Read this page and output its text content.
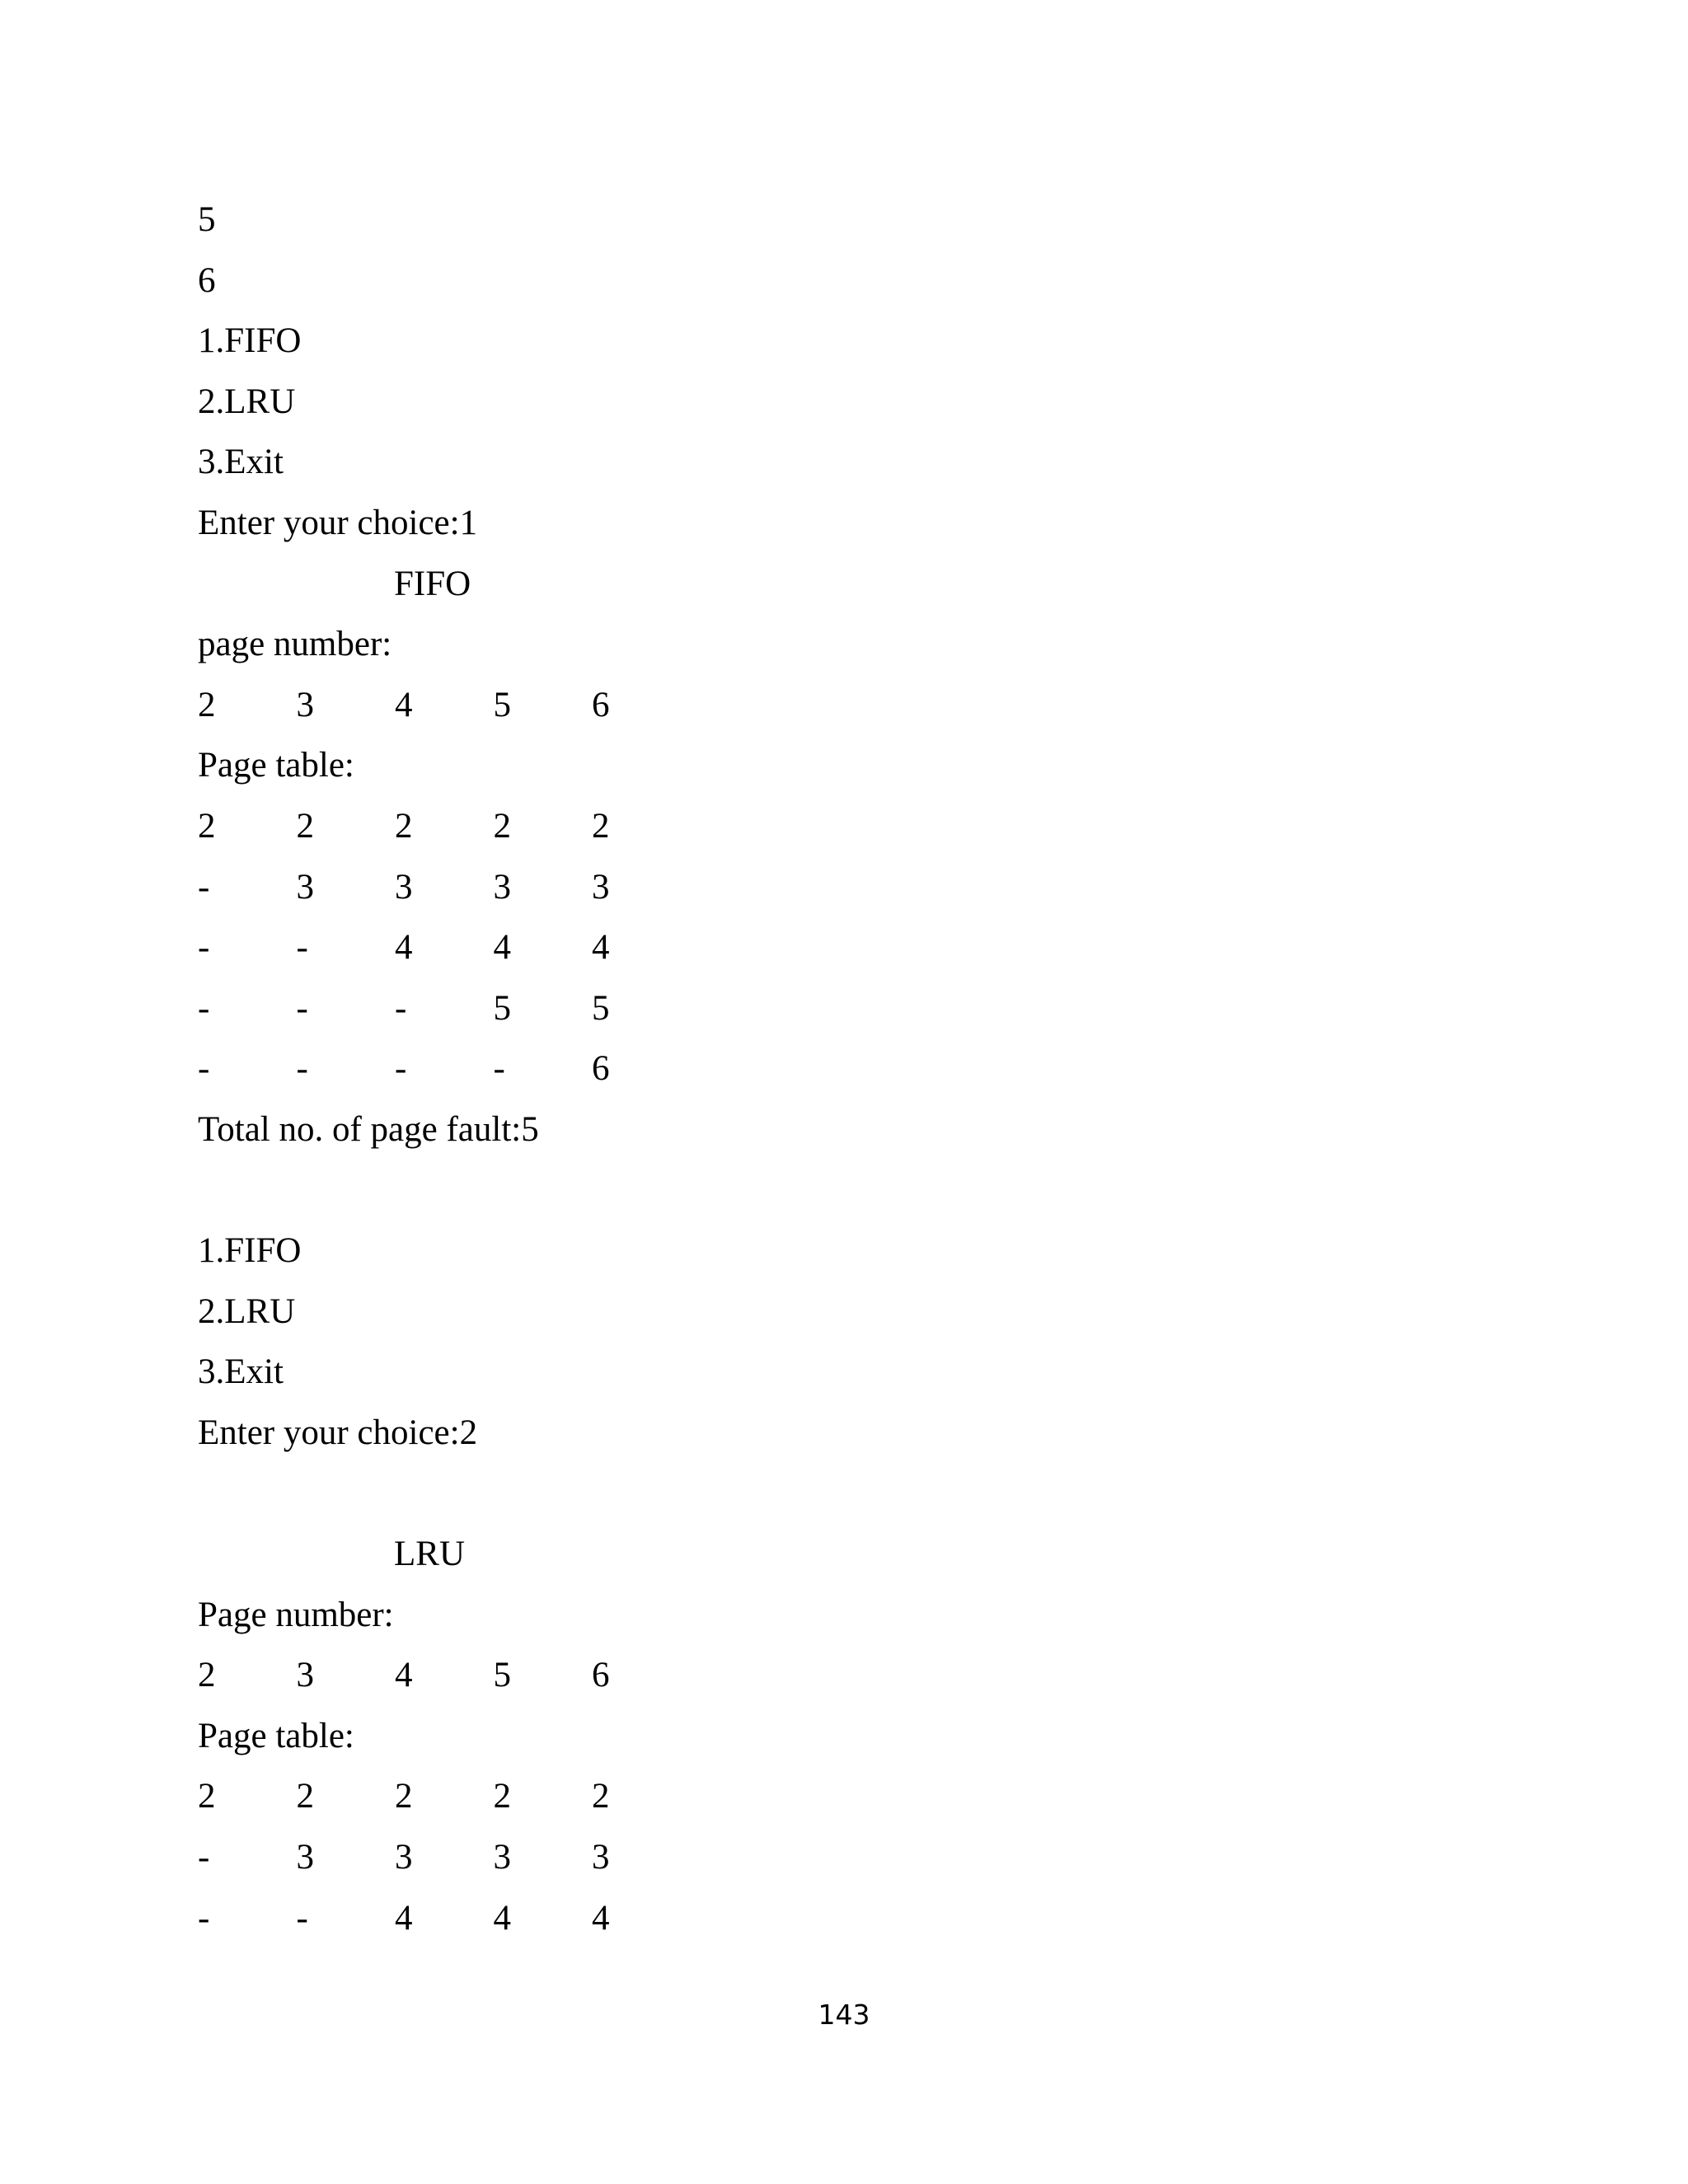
5
6
1.FIFO
2.LRU
3.Exit
Enter your choice:1
FIFO
page number:
2	3	4	5	6
Page table:
2	2	2	2	2
-	3	3	3	3
-	-	4	4	4
-	-	-	5	5
-	-	-	-	6
Total no. of page fault:5
1.FIFO
2.LRU
3.Exit
Enter your choice:2
LRU
Page number:
2	3	4	5	6
Page table:
2	2	2	2	2
-	3	3	3	3
-	-	4	4	4
143
